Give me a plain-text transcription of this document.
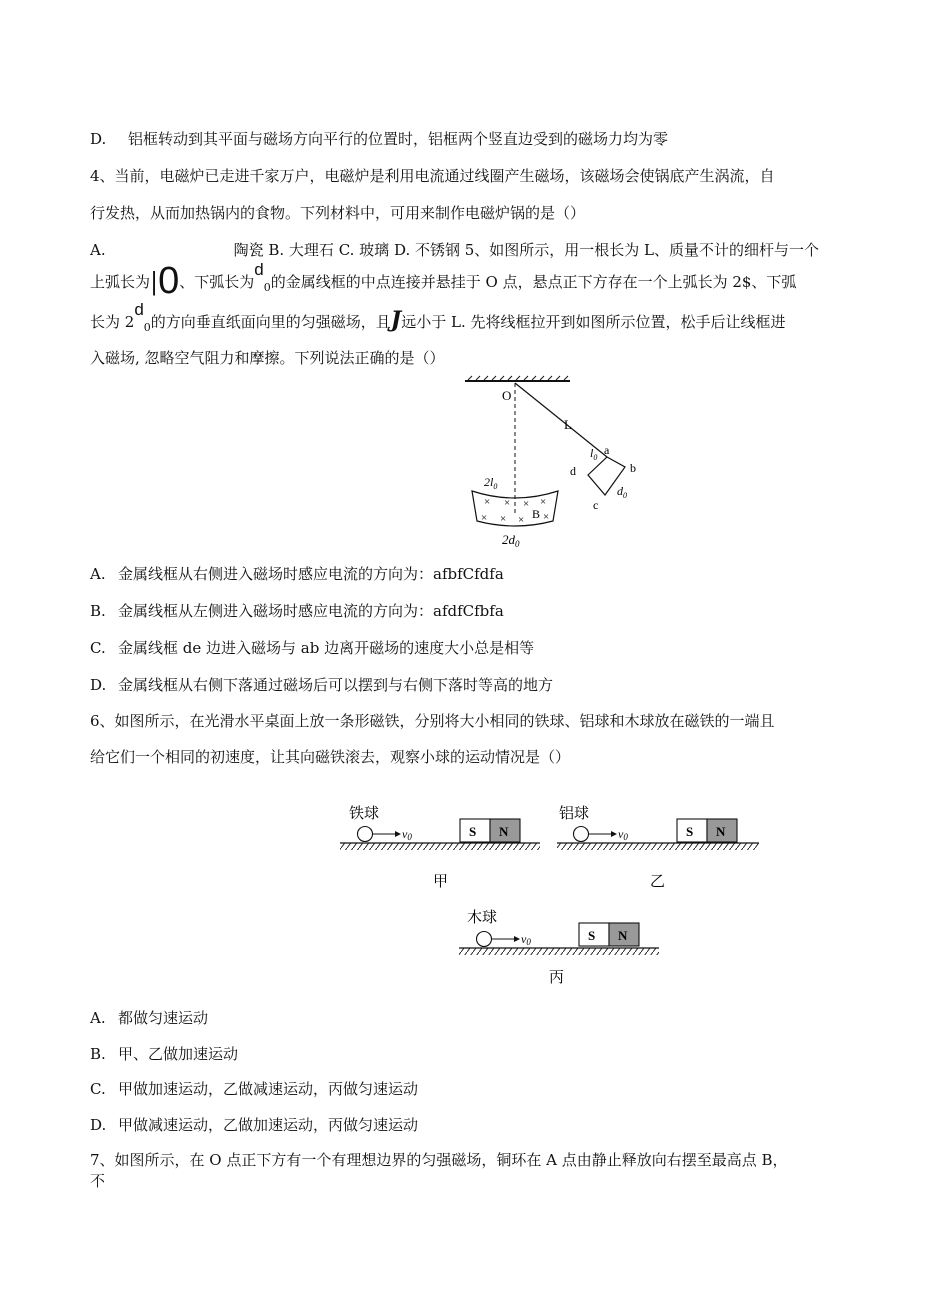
D. 铝框转动到其平面与磁场方向平行的位置时，铝框两个竖直边受到的磁场力均为零
4、当前，电磁炉已走进千家万户，电磁炉是利用电流通过线圈产生磁场，该磁场会使锅底产生涡流，自
行发热，从而加热锅内的食物。下列材料中，可用来制作电磁炉锅的是（）
A.	陶瓷 B. 大理石 C. 玻璃 D. 不锈钢 5、如图所示，用一根长为 L、质量不计的细杆与一个
上弧长为|0、下弧长为$d_0$的金属线框的中点连接并悬挂于 O 点，悬点正下方存在一个上弧长为 2$、下弧
长为 $2d_0$的方向垂直纸面向里的匀强磁场，且J远小于 L. 先将线框拉开到如图所示位置，松手后让线框进
入磁场, 忽略空气阻力和摩擦。下列说法正确的是（）
O
L
$l_0$
a
b
c
d
$d_0$
$2l_0$
× × × ×
× × × ×
B
$2d_0$
A. 金属线框从右侧进入磁场时感应电流的方向为：afbfCfdfa
B. 金属线框从左侧进入磁场时感应电流的方向为：afdfCfbfa
C. 金属线框 de 边进入磁场与 ab 边离开磁场的速度大小总是相等
D. 金属线框从右侧下落通过磁场后可以摆到与右侧下落时等高的地方
6、如图所示，在光滑水平桌面上放一条形磁铁，分别将大小相同的铁球、铝球和木球放在磁铁的一端且
给它们一个相同的初速度，让其向磁铁滚去，观察小球的运动情况是（）
铁球
v0	S N
甲
铝球
v0	S N
乙
木球
v0	S N
丙
A. 都做匀速运动
B. 甲、乙做加速运动
C. 甲做加速运动，乙做减速运动，丙做匀速运动
D. 甲做减速运动，乙做加速运动，丙做匀速运动
7、如图所示，在 O 点正下方有一个有理想边界的匀强磁场，铜环在 A 点由静止释放向右摆至最高点 B，
不
